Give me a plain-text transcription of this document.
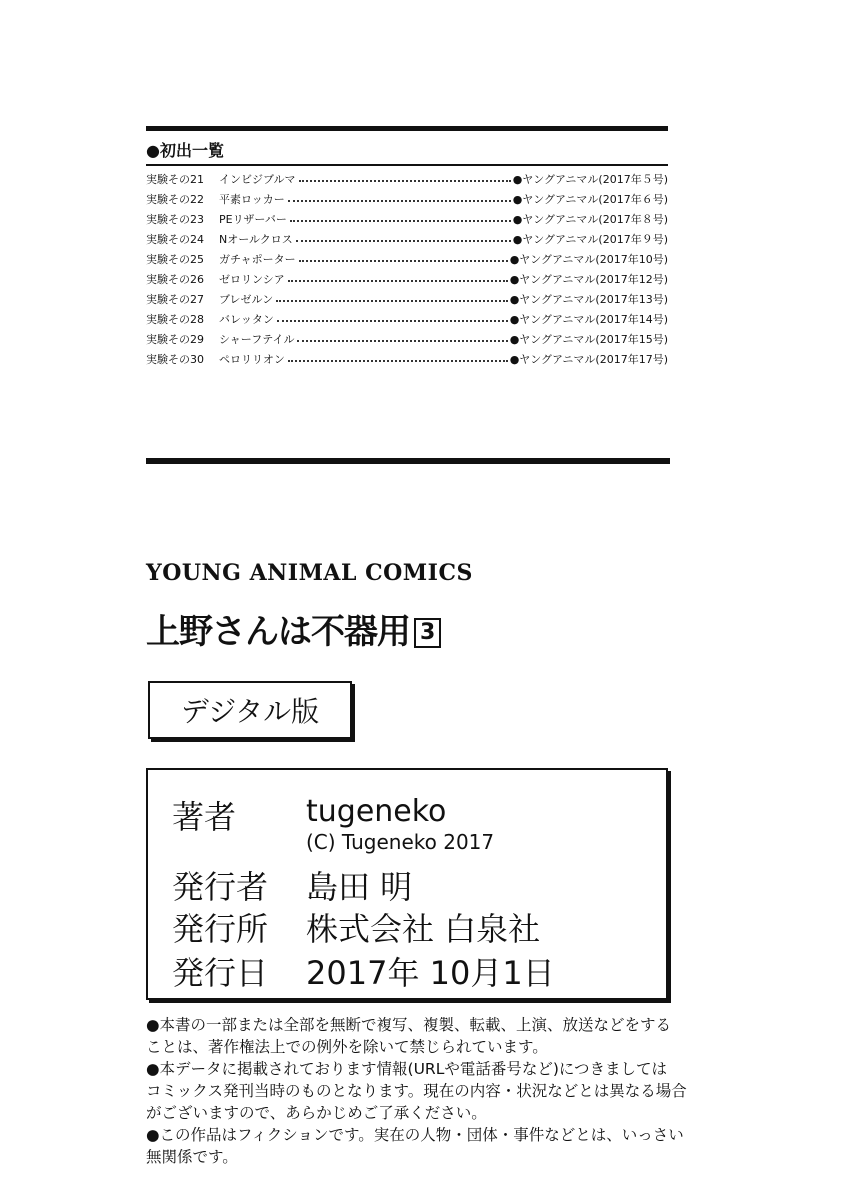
●初出一覧
実験その21	インビジブルマ	●ヤングアニマル(2017年５号)
実験その22	平素ロッカー	●ヤングアニマル(2017年６号)
実験その23	PEリザーバー	●ヤングアニマル(2017年８号)
実験その24	Nオールクロス	●ヤングアニマル(2017年９号)
実験その25	ガチャポーター	●ヤングアニマル(2017年10号)
実験その26	ゼロリンシア	●ヤングアニマル(2017年12号)
実験その27	ブレゼルン	●ヤングアニマル(2017年13号)
実験その28	バレッタン	●ヤングアニマル(2017年14号)
実験その29	シャーフテイル	●ヤングアニマル(2017年15号)
実験その30	ペロリリオン	●ヤングアニマル(2017年17号)
YOUNG ANIMAL COMICS
上野さんは不器用 3
デジタル版
著者 tugeneko
(C) Tugeneko 2017
発行者 島田 明
発行所 株式会社 白泉社
発行日 2017年 10月1日

●本書の一部または全部を無断で複写、複製、転載、上演、放送などをする

ことは、著作権法上での例外を除いて禁じられています。

●本データに掲載されております情報(URLや電話番号など)につきましては

コミックス発刊当時のものとなります。現在の内容・状況などとは異なる場合

がございますので、あらかじめご了承ください。

●この作品はフィクションです。実在の人物・団体・事件などとは、いっさい

無関係です。
